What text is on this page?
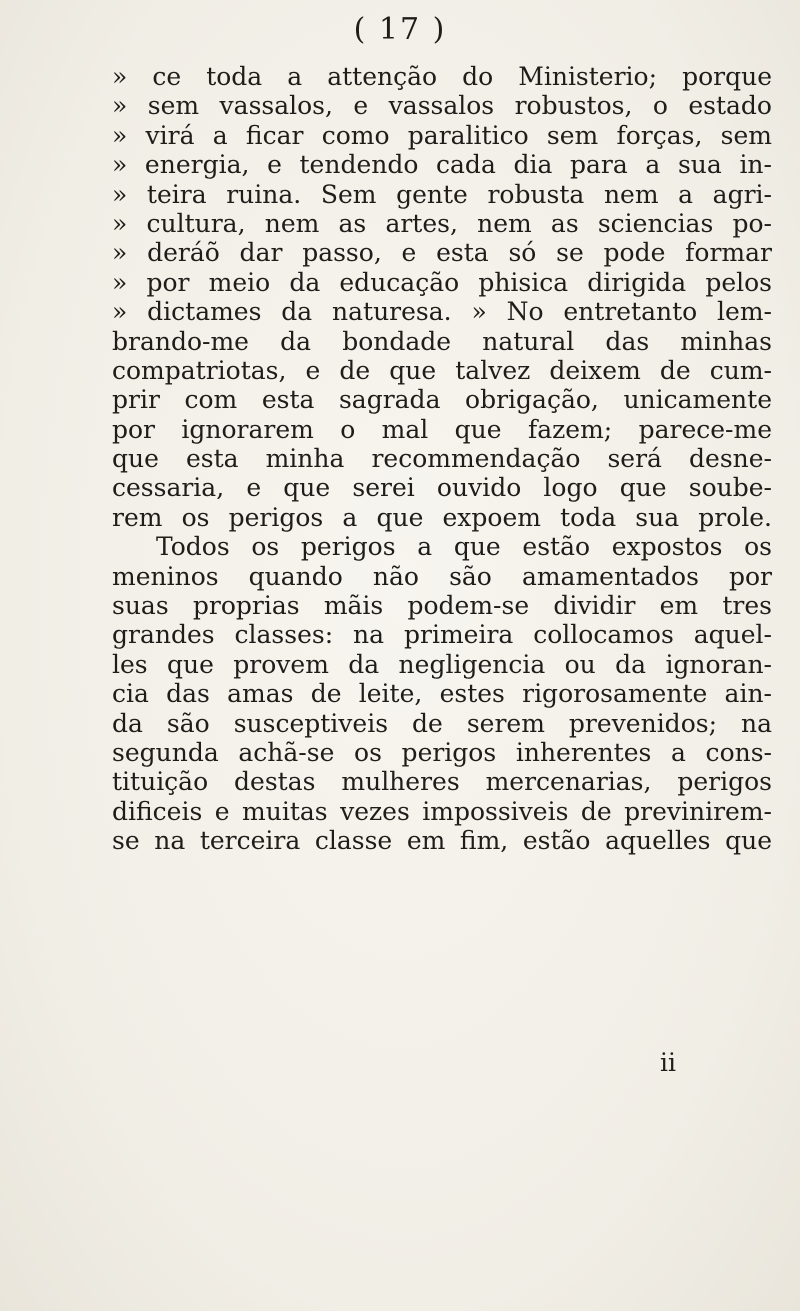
( 17 )
» ce toda a attenção do Ministerio; porque
» sem vassalos, e vassalos robustos, o estado
» virá a ficar como paralitico sem forças, sem
» energia, e tendendo cada dia para a sua in-
» teira ruina. Sem gente robusta nem a agri-
» cultura, nem as artes, nem as sciencias po-
» deráõ dar passo, e esta só se pode formar
» por meio da educação phisica dirigida pelos
» dictames da naturesa. » No entretanto lem-
brando-me da bondade natural das minhas
compatriotas, e de que talvez deixem de cum-
prir com esta sagrada obrigação, unicamente
por ignorarem o mal que fazem; parece-me
que esta minha recommendação será desne-
cessaria, e que serei ouvido logo que soube-
rem os perigos a que expoem toda sua prole.
Todos os perigos a que estão expostos os
meninos quando não são amamentados por
suas proprias mãis podem-se dividir em tres
grandes classes: na primeira collocamos aquel-
les que provem da negligencia ou da ignoran-
cia das amas de leite, estes rigorosamente ain-
da são susceptiveis de serem prevenidos; na
segunda achã-se os perigos inherentes a cons-
tituição destas mulheres mercenarias, perigos
dificeis e muitas vezes impossiveis de previnirem-
se na terceira classe em fim, estão aquelles que
ii
